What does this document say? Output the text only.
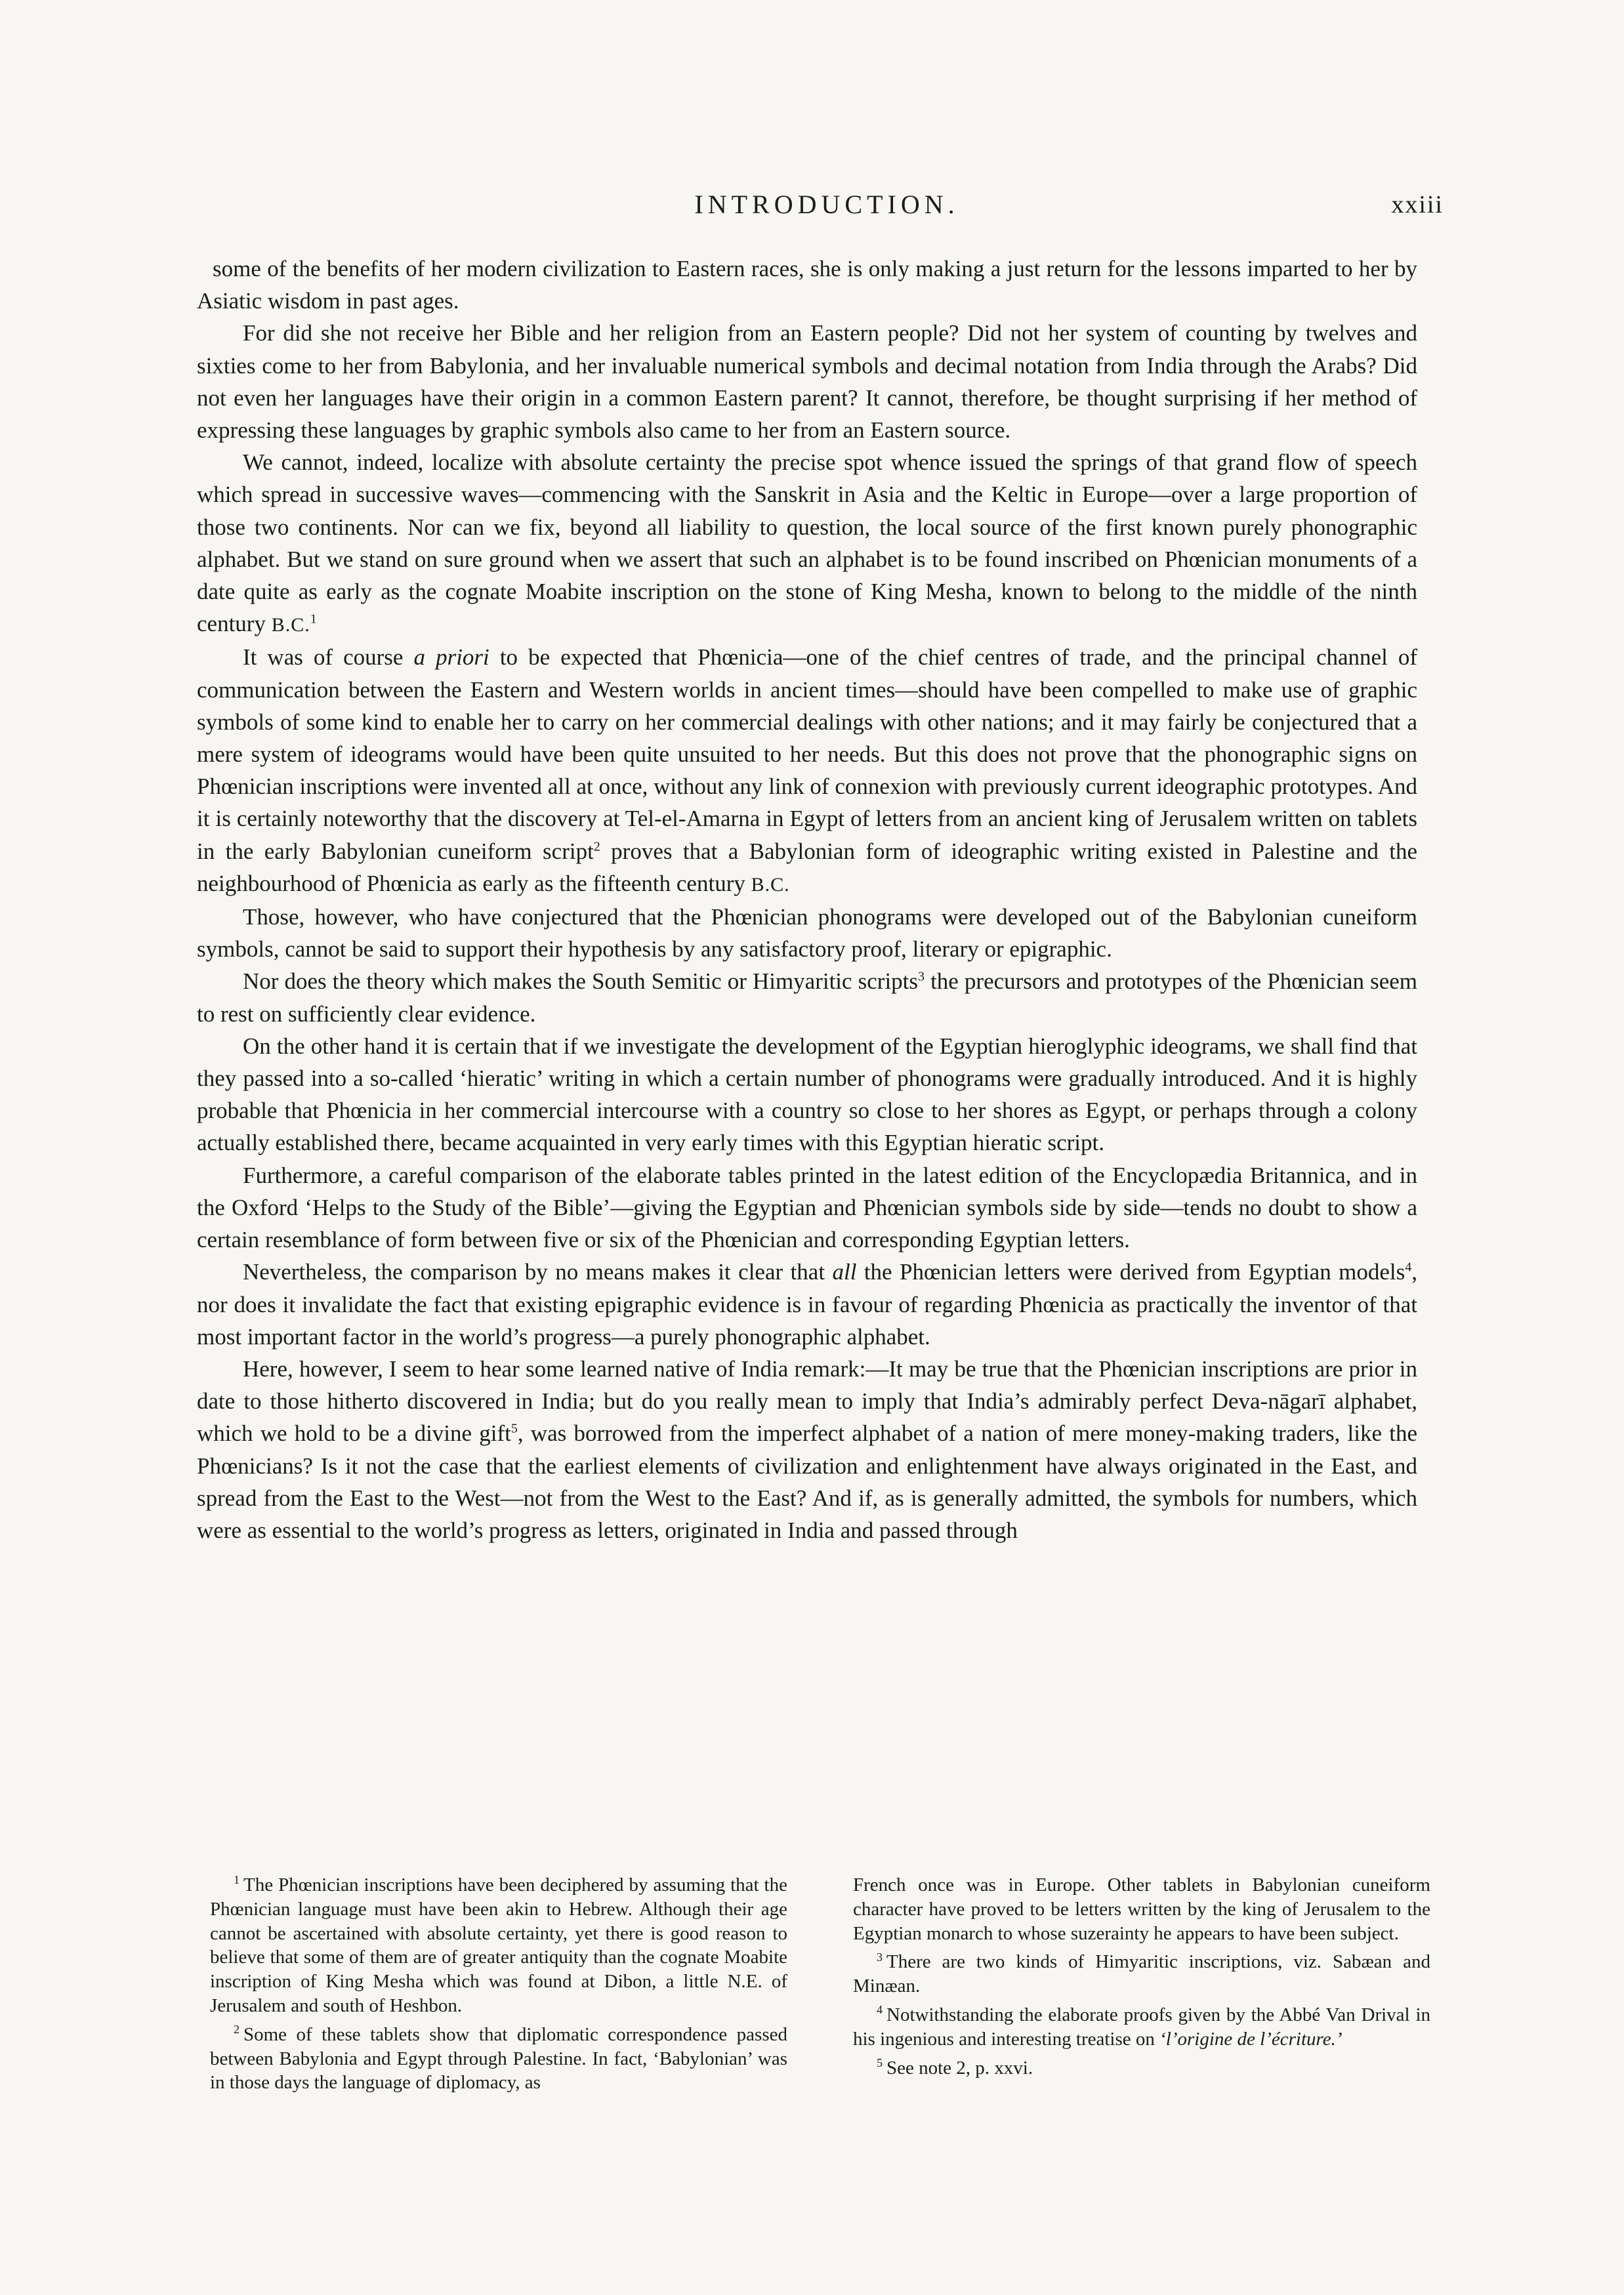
INTRODUCTION.	xxiii

some of the benefits of her modern civilization to Eastern races, she is only making a just return for the lessons imparted to her by Asiatic wisdom in past ages.

For did she not receive her Bible and her religion from an Eastern people? Did not her system of counting by twelves and sixties come to her from Babylonia, and her invaluable numerical symbols and decimal notation from India through the Arabs? Did not even her languages have their origin in a common Eastern parent? It cannot, therefore, be thought surprising if her method of expressing these languages by graphic symbols also came to her from an Eastern source.

We cannot, indeed, localize with absolute certainty the precise spot whence issued the springs of that grand flow of speech which spread in successive waves—commencing with the Sanskrit in Asia and the Keltic in Europe—over a large proportion of those two continents. Nor can we fix, beyond all liability to question, the local source of the first known purely phonographic alphabet. But we stand on sure ground when we assert that such an alphabet is to be found inscribed on Phœnician monuments of a date quite as early as the cognate Moabite inscription on the stone of King Mesha, known to belong to the middle of the ninth century B.C.$^1$

It was of course a priori to be expected that Phœnicia—one of the chief centres of trade, and the principal channel of communication between the Eastern and Western worlds in ancient times—should have been compelled to make use of graphic symbols of some kind to enable her to carry on her commercial dealings with other nations; and it may fairly be conjectured that a mere system of ideograms would have been quite unsuited to her needs. But this does not prove that the phonographic signs on Phœnician inscriptions were invented all at once, without any link of connexion with previously current ideographic prototypes. And it is certainly noteworthy that the discovery at Tel-el-Amarna in Egypt of letters from an ancient king of Jerusalem written on tablets in the early Babylonian cuneiform script$^2$ proves that a Babylonian form of ideographic writing existed in Palestine and the neighbourhood of Phœnicia as early as the fifteenth century B.C.

Those, however, who have conjectured that the Phœnician phonograms were developed out of the Babylonian cuneiform symbols, cannot be said to support their hypothesis by any satisfactory proof, literary or epigraphic.

Nor does the theory which makes the South Semitic or Himyaritic scripts$^3$ the precursors and prototypes of the Phœnician seem to rest on sufficiently clear evidence.

On the other hand it is certain that if we investigate the development of the Egyptian hieroglyphic ideograms, we shall find that they passed into a so-called ‘hieratic’ writing in which a certain number of phonograms were gradually introduced. And it is highly probable that Phœnicia in her commercial intercourse with a country so close to her shores as Egypt, or perhaps through a colony actually established there, became acquainted in very early times with this Egyptian hieratic script.

Furthermore, a careful comparison of the elaborate tables printed in the latest edition of the Encyclopædia Britannica, and in the Oxford ‘Helps to the Study of the Bible’—giving the Egyptian and Phœnician symbols side by side—tends no doubt to show a certain resemblance of form between five or six of the Phœnician and corresponding Egyptian letters.

Nevertheless, the comparison by no means makes it clear that all the Phœnician letters were derived from Egyptian models$^4$, nor does it invalidate the fact that existing epigraphic evidence is in favour of regarding Phœnicia as practically the inventor of that most important factor in the world’s progress—a purely phonographic alphabet.

Here, however, I seem to hear some learned native of India remark:—It may be true that the Phœnician inscriptions are prior in date to those hitherto discovered in India; but do you really mean to imply that India’s admirably perfect Deva-nāgarī alphabet, which we hold to be a divine gift$^5$, was borrowed from the imperfect alphabet of a nation of mere money-making traders, like the Phœnicians? Is it not the case that the earliest elements of civilization and enlightenment have always originated in the East, and spread from the East to the West—not from the West to the East? And if, as is generally admitted, the symbols for numbers, which were as essential to the world’s progress as letters, originated in India and passed through

$^1$ The Phœnician inscriptions have been deciphered by assuming that the Phœnician language must have been akin to Hebrew. Although their age cannot be ascertained with absolute certainty, yet there is good reason to believe that some of them are of greater antiquity than the cognate Moabite inscription of King Mesha which was found at Dibon, a little N.E. of Jerusalem and south of Heshbon.

$^2$ Some of these tablets show that diplomatic correspondence passed between Babylonia and Egypt through Palestine. In fact, ‘Babylonian’ was in those days the language of diplomacy, as

French once was in Europe. Other tablets in Babylonian cuneiform character have proved to be letters written by the king of Jerusalem to the Egyptian monarch to whose suzerainty he appears to have been subject.

$^3$ There are two kinds of Himyaritic inscriptions, viz. Sabæan and Minæan.

$^4$ Notwithstanding the elaborate proofs given by the Abbé Van Drival in his ingenious and interesting treatise on ‘l’origine de l’écriture.’

$^5$ See note 2, p. xxvi.
